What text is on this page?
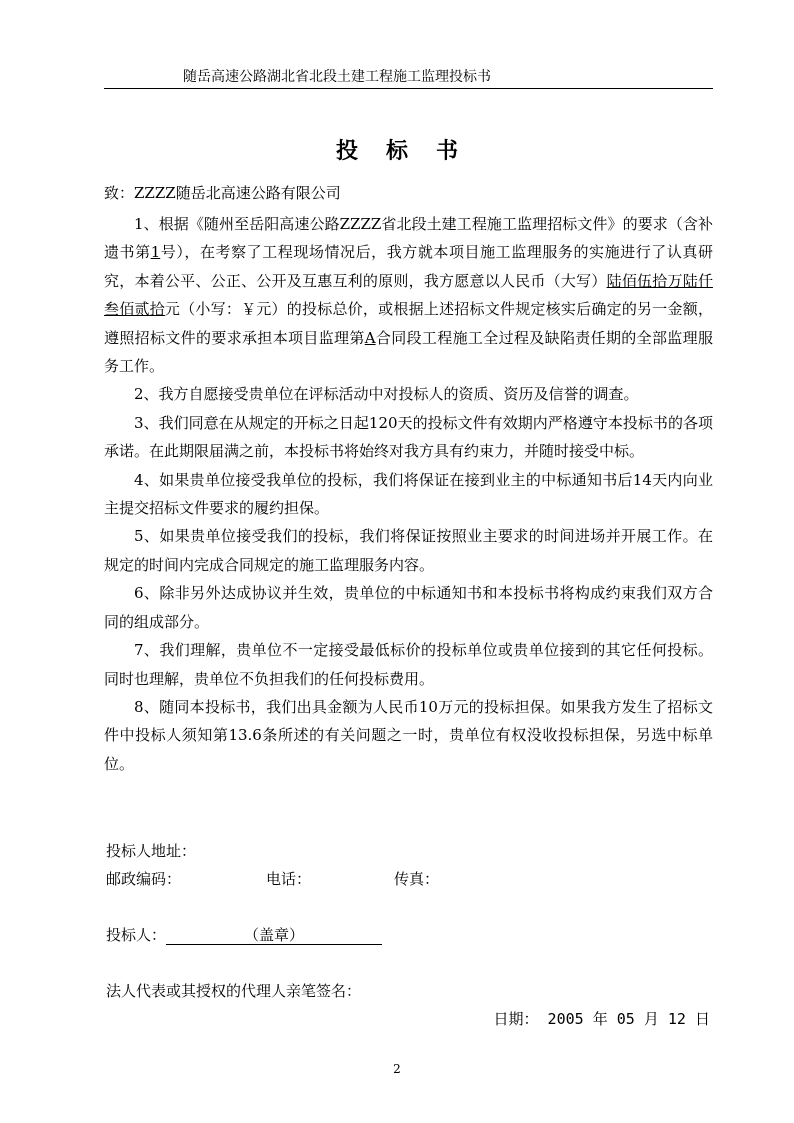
随岳高速公路湖北省北段土建工程施工监理投标书
投标书
致：ZZZZ随岳北高速公路有限公司

1、根据《随州至岳阳高速公路ZZZZ省北段土建工程施工监理招标文件》的要求（含补遗书第1号），在考察了工程现场情况后，我方就本项目施工监理服务的实施进行了认真研究，本着公平、公正、公开及互惠互利的原则，我方愿意以人民币（大写）陆佰伍拾万陆仟叁佰贰拾元（小写：￥元）的投标总价，或根据上述招标文件规定核实后确定的另一金额，遵照招标文件的要求承担本项目监理第A合同段工程施工全过程及缺陷责任期的全部监理服务工作。

2、我方自愿接受贵单位在评标活动中对投标人的资质、资历及信誉的调查。

3、我们同意在从规定的开标之日起120天的投标文件有效期内严格遵守本投标书的各项承诺。在此期限届满之前，本投标书将始终对我方具有约束力，并随时接受中标。

4、如果贵单位接受我单位的投标，我们将保证在接到业主的中标通知书后14天内向业主提交招标文件要求的履约担保。

5、如果贵单位接受我们的投标，我们将保证按照业主要求的时间进场并开展工作。在规定的时间内完成合同规定的施工监理服务内容。

6、除非另外达成协议并生效，贵单位的中标通知书和本投标书将构成约束我们双方合同的组成部分。

7、我们理解，贵单位不一定接受最低标价的投标单位或贵单位接到的其它任何投标。同时也理解，贵单位不负担我们的任何投标费用。

8、随同本投标书，我们出具金额为人民币10万元的投标担保。如果我方发生了招标文件中投标人须知第13.6条所述的有关问题之一时，贵单位有权没收投标担保，另选中标单位。

投标人地址：
邮政编码：	电话：	传真：
投标人：	（盖章）
法人代表或其授权的代理人亲笔签名：
日期： 2005 年 05 月 12 日
2
